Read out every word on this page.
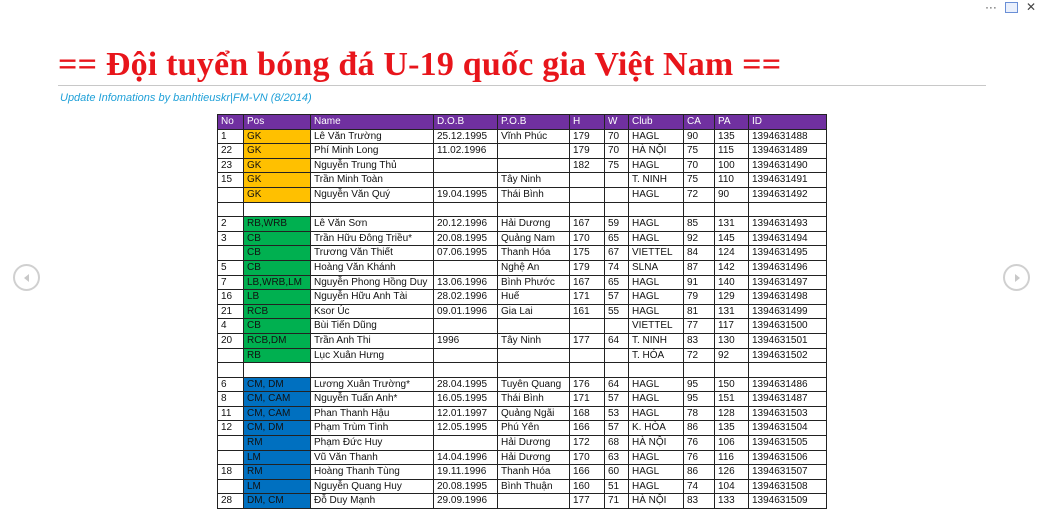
··· ✕
== Đội tuyển bóng đá U-19 quốc gia Việt Nam ==
Update Infomations by banhtieuskr|FM-VN (8/2014)
No	Pos	Name	D.O.B	P.O.B	H	W	Club	CA	PA	ID
1	GK	Lê Văn Trường	25.12.1995	Vĩnh Phúc	179	70	HAGL	90	135	1394631488
22	GK	Phí Minh Long	11.02.1996		179	70	HÀ NỘI	75	115	1394631489
23	GK	Nguyễn Trung Thủ			182	75	HAGL	70	100	1394631490
15	GK	Trần Minh Toàn		Tây Ninh			T. NINH	75	110	1394631491
	GK	Nguyễn Văn Quý	19.04.1995	Thái Bình			HAGL	72	90	1394631492

2	RB,WRB	Lê Văn Sơn	20.12.1996	Hải Dương	167	59	HAGL	85	131	1394631493
3	CB	Trần Hữu Đông Triều*	20.08.1995	Quảng Nam	170	65	HAGL	92	145	1394631494
	CB	Trương Văn Thiết	07.06.1995	Thanh Hóa	175	67	VIETTEL	84	124	1394631495
5	CB	Hoàng Văn Khánh		Nghệ An	179	74	SLNA	87	142	1394631496
7	LB,WRB,LM	Nguyễn Phong Hồng Duy	13.06.1996	Bình Phước	167	65	HAGL	91	140	1394631497
16	LB	Nguyễn Hữu Anh Tài	28.02.1996	Huế	171	57	HAGL	79	129	1394631498
21	RCB	Ksor Úc	09.01.1996	Gia Lai	161	55	HAGL	81	131	1394631499
4	CB	Bùi Tiến Dũng					VIETTEL	77	117	1394631500
20	RCB,DM	Trần Anh Thi	1996	Tây Ninh	177	64	T. NINH	83	130	1394631501
	RB	Lục Xuân Hưng					T. HÓA	72	92	1394631502

6	CM, DM	Lương Xuân Trường*	28.04.1995	Tuyên Quang	176	64	HAGL	95	150	1394631486
8	CM, CAM	Nguyễn Tuấn Anh*	16.05.1995	Thái Bình	171	57	HAGL	95	151	1394631487
11	CM, CAM	Phan Thanh Hậu	12.01.1997	Quảng Ngãi	168	53	HAGL	78	128	1394631503
12	CM, DM	Phạm Trùm Tình	12.05.1995	Phú Yên	166	57	K. HÒA	86	135	1394631504
	RM	Phạm Đức Huy		Hải Dương	172	68	HÀ NỘI	76	106	1394631505
	LM	Vũ Văn Thanh	14.04.1996	Hải Dương	170	63	HAGL	76	116	1394631506
18	RM	Hoàng Thanh Tùng	19.11.1996	Thanh Hóa	166	60	HAGL	86	126	1394631507
	LM	Nguyễn Quang Huy	20.08.1995	Bình Thuận	160	51	HAGL	74	104	1394631508
28	DM, CM	Đỗ Duy Mạnh	29.09.1996		177	71	HÀ NỘI	83	133	1394631509
